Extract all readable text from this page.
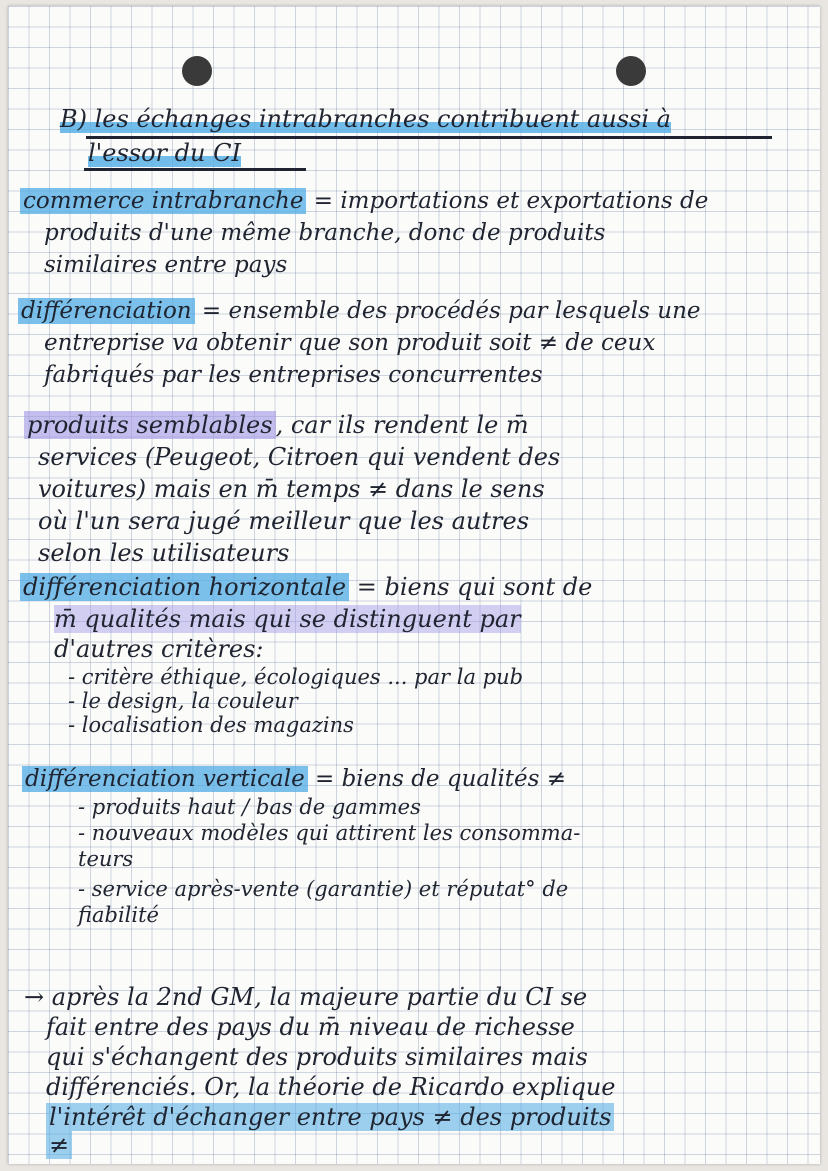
B) les échanges intrabranches contribuent aussi à
l'essor du CI
commerce intrabranche = importations et exportations de
produits d'une même branche, donc de produits
similaires entre pays
différenciation = ensemble des procédés par lesquels une
entreprise va obtenir que son produit soit ≠ de ceux
fabriqués par les entreprises concurrentes
produits semblables , car ils rendent le m̄
services (Peugeot, Citroen qui vendent des
voitures) mais en m̄ temps ≠ dans le sens
où l'un sera jugé meilleur que les autres
selon les utilisateurs
différenciation horizontale = biens qui sont de
m̄ qualités mais qui se distinguent par
d'autres critères:
- critère éthique, écologiques ... par la pub
- le design, la couleur
- localisation des magazins
différenciation verticale = biens de qualités ≠
- produits haut / bas de gammes
- nouveaux modèles qui attirent les consomma-
teurs
- service après-vente (garantie) et réputat° de
fiabilité
→ après la 2nd GM, la majeure partie du CI se
fait entre des pays du m̄ niveau de richesse
qui s'échangent des produits similaires mais
différenciés. Or, la théorie de Ricardo explique
l'intérêt d'échanger entre pays ≠ des produits
≠
